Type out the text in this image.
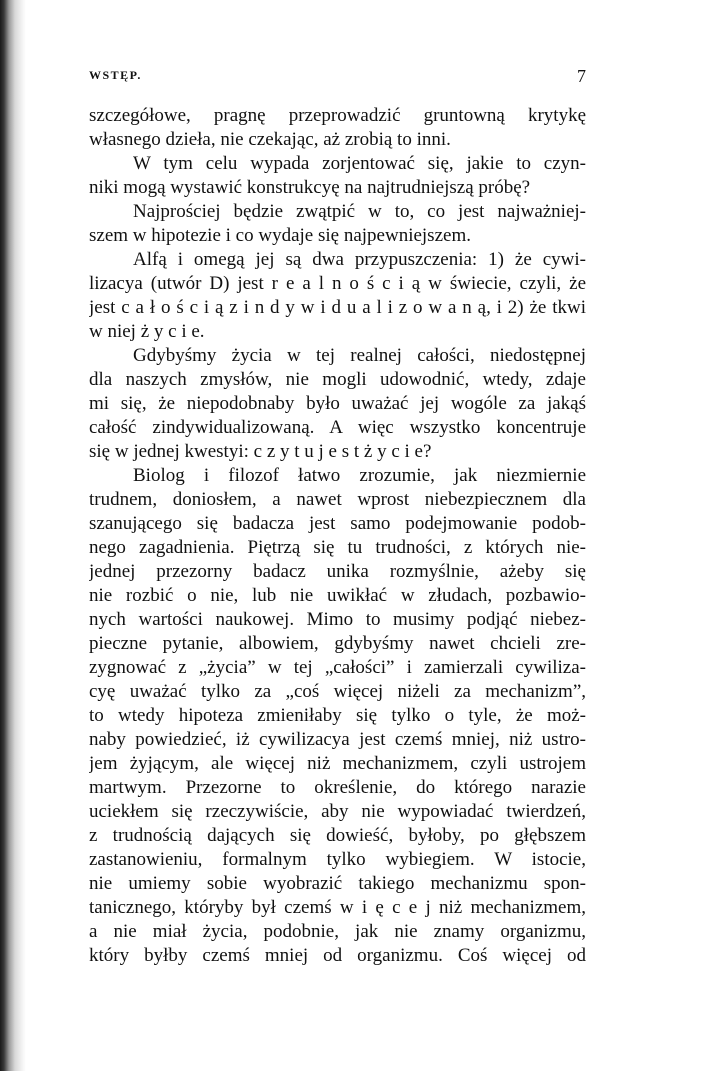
WSTĘP.	7
szczegółowe, pragnę przeprowadzić gruntowną krytykę
własnego dzieła, nie czekając, aż zrobią to inni.
W tym celu wypada zorjentować się, jakie to czyn-
niki mogą wystawić konstrukcyę na najtrudniejszą próbę?
Najprościej będzie zwątpić w to, co jest najważniej-
szem w hipotezie i co wydaje się najpewniejszem.
Alfą i omegą jej są dwa przypuszczenia: 1) że cywi-
lizacya (utwór D) jest r e a l n o ś c i ą w świecie, czyli, że
jest c a ł o ś c i ą z i n d y w i d u a l i z o w a n ą, i 2) że tkwi
w niej ż y c i e.
Gdybyśmy życia w tej realnej całości, niedostępnej
dla naszych zmysłów, nie mogli udowodnić, wtedy, zdaje
mi się, że niepodobnaby było uważać jej wogóle za jakąś
całość zindywidualizowaną. A więc wszystko koncentruje
się w jednej kwestyi: c z y t u j e s t ż y c i e?
Biolog i filozof łatwo zrozumie, jak niezmiernie
trudnem, doniosłem, a nawet wprost niebezpiecznem dla
szanującego się badacza jest samo podejmowanie podob-
nego zagadnienia. Piętrzą się tu trudności, z których nie-
jednej przezorny badacz unika rozmyślnie, ażeby się
nie rozbić o nie, lub nie uwikłać w złudach, pozbawio-
nych wartości naukowej. Mimo to musimy podjąć niebez-
pieczne pytanie, albowiem, gdybyśmy nawet chcieli zre-
zygnować z „życia” w tej „całości” i zamierzali cywiliza-
cyę uważać tylko za „coś więcej niżeli za mechanizm”,
to wtedy hipoteza zmieniłaby się tylko o tyle, że moż-
naby powiedzieć, iż cywilizacya jest czemś mniej, niż ustro-
jem żyjącym, ale więcej niż mechanizmem, czyli ustrojem
martwym. Przezorne to określenie, do którego narazie
uciekłem się rzeczywiście, aby nie wypowiadać twierdzeń,
z trudnością dających się dowieść, byłoby, po głębszem
zastanowieniu, formalnym tylko wybiegiem. W istocie,
nie umiemy sobie wyobrazić takiego mechanizmu spon-
tanicznego, któryby był czemś w i ę c e j niż mechanizmem,
a nie miał życia, podobnie, jak nie znamy organizmu,
który byłby czemś mniej od organizmu. Coś więcej od
